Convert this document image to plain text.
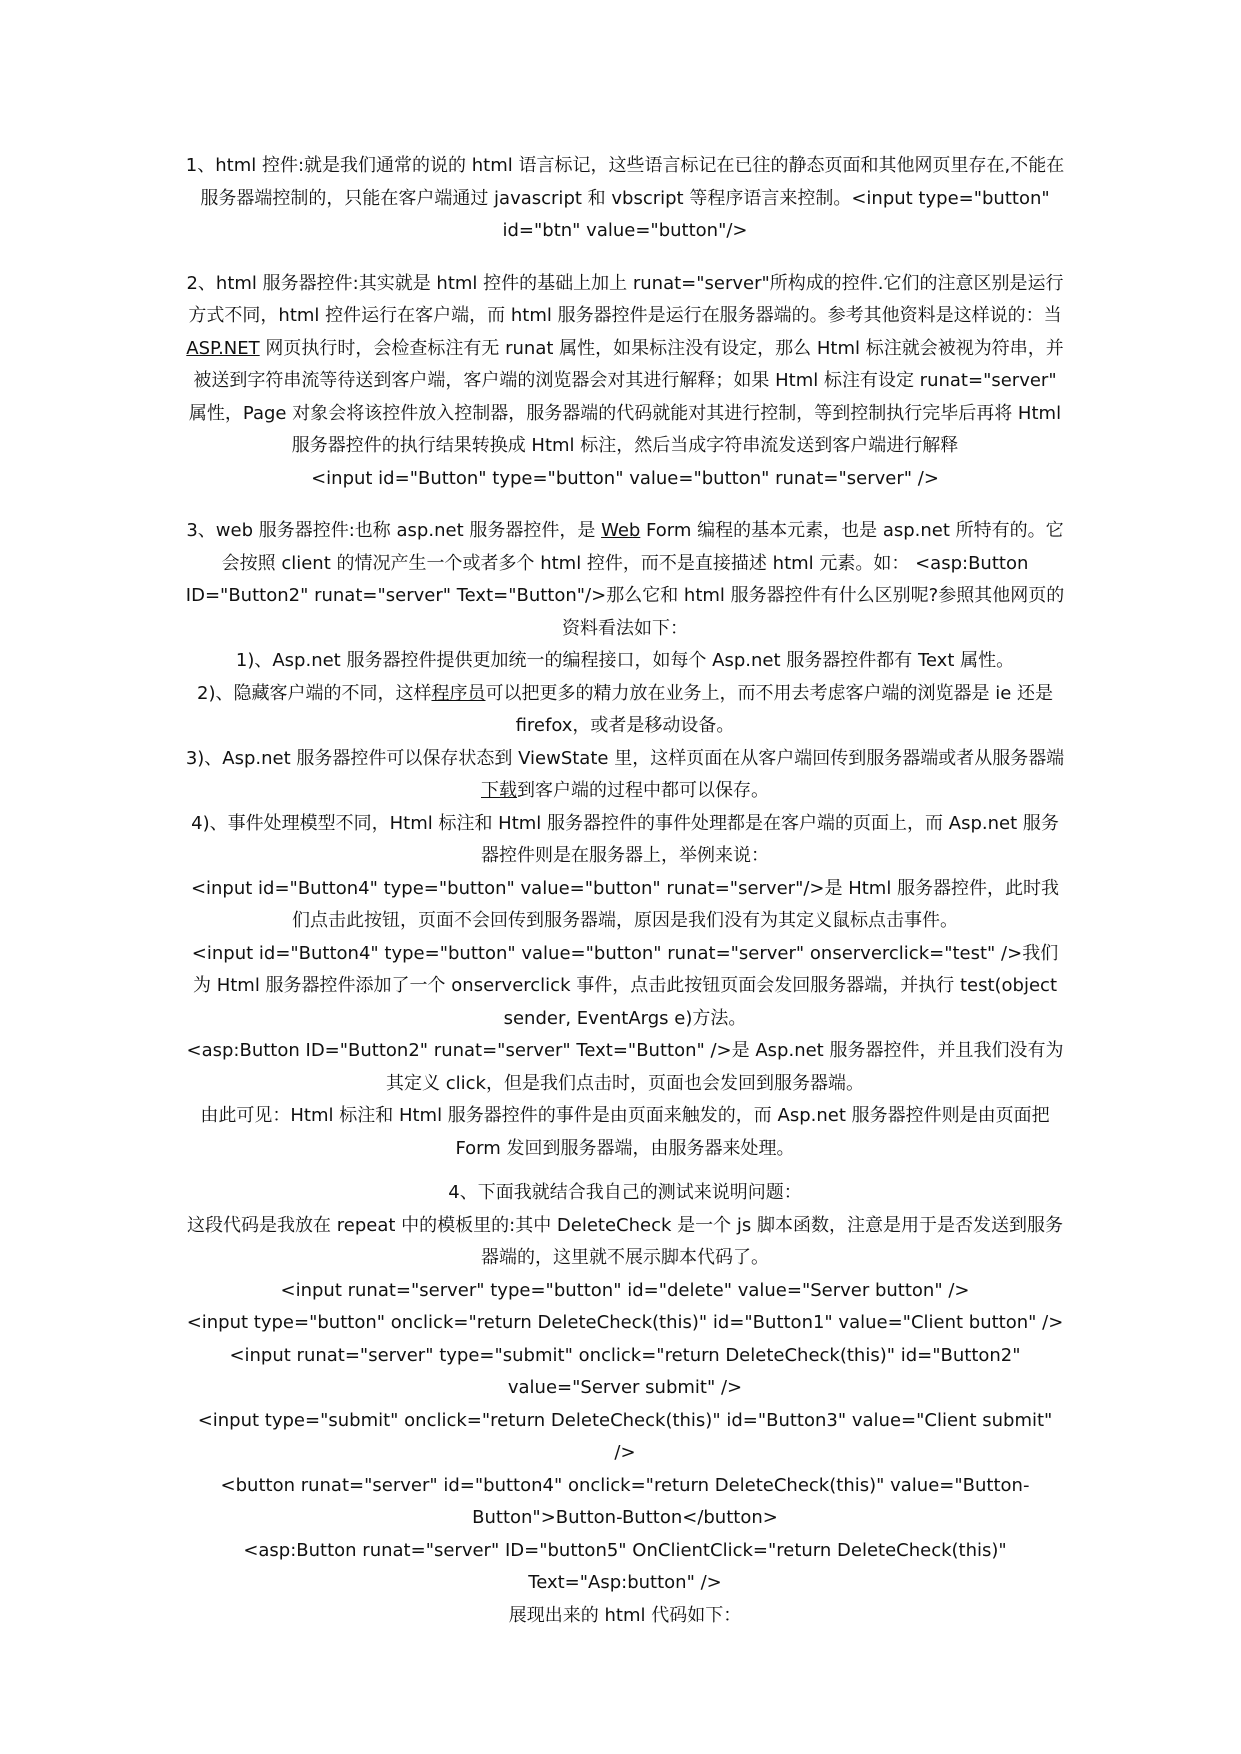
1、html 控件:就是我们通常的说的 html 语言标记，这些语言标记在已往的静态页面和其他网页里存在,不能在服务器端控制的，只能在客户端通过 javascript 和 vbscript 等程序语言来控制。<input type="button" id="btn" value="button"/>

2、html 服务器控件:其实就是 html 控件的基础上加上 runat="server"所构成的控件.它们的注意区别是运行方式不同，html 控件运行在客户端，而 html 服务器控件是运行在服务器端的。参考其他资料是这样说的：当 ASP.NET 网页执行时，会检查标注有无 runat 属性，如果标注没有设定，那么 Html 标注就会被视为符串，并被送到字符串流等待送到客户端，客户端的浏览器会对其进行解释；如果 Html 标注有设定 runat="server" 属性，Page 对象会将该控件放入控制器，服务器端的代码就能对其进行控制，等到控制执行完毕后再将 Html 服务器控件的执行结果转换成 Html 标注，然后当成字符串流发送到客户端进行解释

<input id="Button" type="button" value="button" runat="server" />

3、web 服务器控件:也称 asp.net 服务器控件，是 Web Form 编程的基本元素，也是 asp.net 所特有的。它会按照 client 的情况产生一个或者多个 html 控件，而不是直接描述 html 元素。如： <asp:Button ID="Button2" runat="server" Text="Button"/>那么它和 html 服务器控件有什么区别呢?参照其他网页的资料看法如下：

1)、Asp.net 服务器控件提供更加统一的编程接口，如每个 Asp.net 服务器控件都有 Text 属性。

2)、隐藏客户端的不同，这样程序员可以把更多的精力放在业务上，而不用去考虑客户端的浏览器是 ie 还是 firefox，或者是移动设备。

3)、Asp.net 服务器控件可以保存状态到 ViewState 里，这样页面在从客户端回传到服务器端或者从服务器端下载到客户端的过程中都可以保存。

4)、事件处理模型不同，Html 标注和 Html 服务器控件的事件处理都是在客户端的页面上，而 Asp.net 服务器控件则是在服务器上，举例来说：

<input id="Button4" type="button" value="button" runat="server"/>是 Html 服务器控件，此时我们点击此按钮，页面不会回传到服务器端，原因是我们没有为其定义鼠标点击事件。

<input id="Button4" type="button" value="button" runat="server" onserverclick="test" />我们为 Html 服务器控件添加了一个 onserverclick 事件，点击此按钮页面会发回服务器端，并执行 test(object sender, EventArgs e)方法。

<asp:Button ID="Button2" runat="server" Text="Button" />是 Asp.net 服务器控件，并且我们没有为其定义 click，但是我们点击时，页面也会发回到服务器端。

由此可见：Html 标注和 Html 服务器控件的事件是由页面来触发的，而 Asp.net 服务器控件则是由页面把 Form 发回到服务器端，由服务器来处理。

4、下面我就结合我自己的测试来说明问题：

这段代码是我放在 repeat 中的模板里的:其中 DeleteCheck 是一个 js 脚本函数，注意是用于是否发送到服务器端的，这里就不展示脚本代码了。

<input runat="server" type="button" id="delete" value="Server button" />

<input type="button" onclick="return DeleteCheck(this)" id="Button1" value="Client button" />

<input runat="server" type="submit" onclick="return DeleteCheck(this)" id="Button2" value="Server submit" />

<input type="submit" onclick="return DeleteCheck(this)" id="Button3" value="Client submit" />

<button runat="server" id="button4" onclick="return DeleteCheck(this)" value="Button-Button">Button-Button</button>

<asp:Button runat="server" ID="button5" OnClientClick="return DeleteCheck(this)" Text="Asp:button" />

展现出来的 html 代码如下：
